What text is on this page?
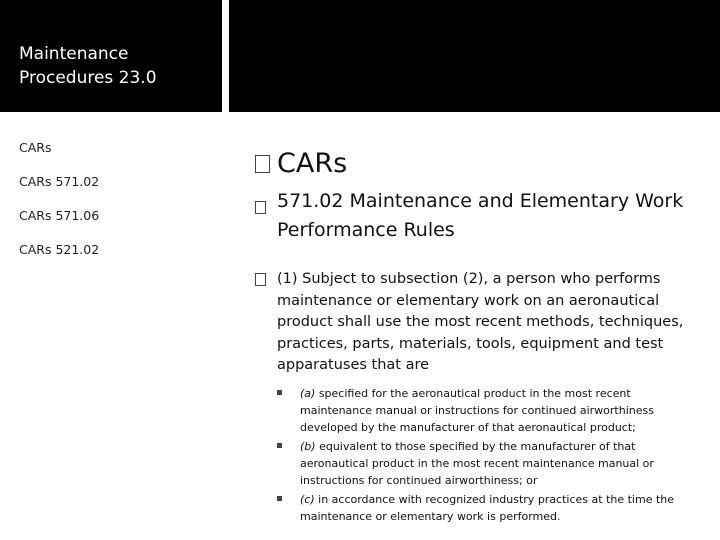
Maintenance Procedures 23.0
CARs
CARs 571.02
CARs 571.06
CARs 521.02
CARs
571.02 Maintenance and Elementary Work Performance Rules
(1) Subject to subsection (2), a person who performs maintenance or elementary work on an aeronautical product shall use the most recent methods, techniques, practices, parts, materials, tools, equipment and test apparatuses that are
(a) specified for the aeronautical product in the most recent maintenance manual or instructions for continued airworthiness developed by the manufacturer of that aeronautical product;
(b) equivalent to those specified by the manufacturer of that aeronautical product in the most recent maintenance manual or instructions for continued airworthiness; or
(c) in accordance with recognized industry practices at the time the maintenance or elementary work is performed.
